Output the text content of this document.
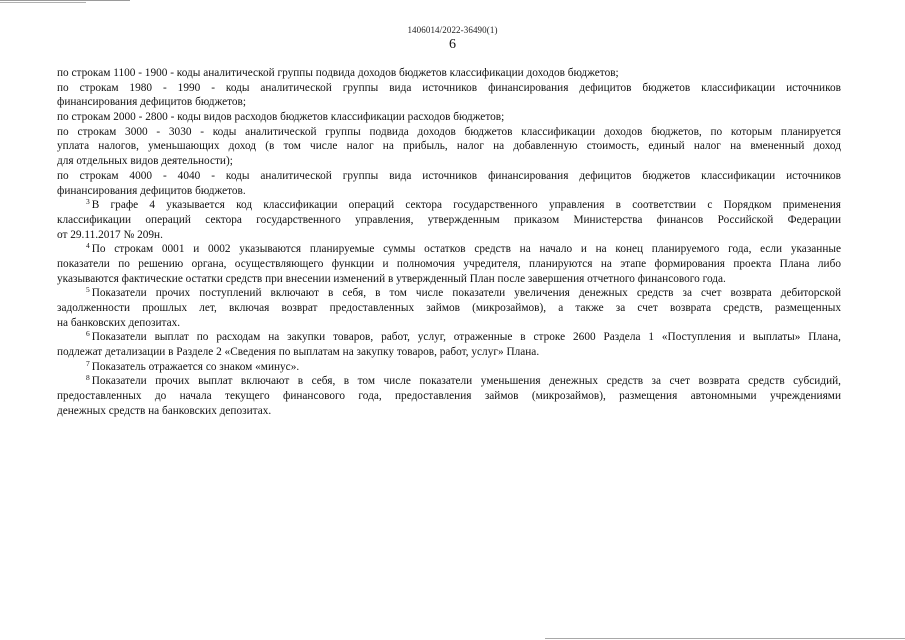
1406014/2022-36490(1)
6
по строкам 1100 - 1900 - коды аналитической группы подвида доходов бюджетов классификации доходов бюджетов;
по строкам 1980 - 1990 - коды аналитической группы вида источников финансирования дефицитов бюджетов классификации источников
финансирования дефицитов бюджетов;
по строкам 2000 - 2800 - коды видов расходов бюджетов классификации расходов бюджетов;
по строкам 3000 - 3030 - коды аналитической группы подвида доходов бюджетов классификации доходов бюджетов, по которым планируется
уплата налогов, уменьшающих доход (в том числе налог на прибыль, налог на добавленную стоимость, единый налог на вмененный доход
для отдельных видов деятельности);
по строкам 4000 - 4040 - коды аналитической группы вида источников финансирования дефицитов бюджетов классификации источников
финансирования дефицитов бюджетов.
$^3$ В графе 4 указывается код классификации операций сектора государственного управления в соответствии с Порядком применения
классификации операций сектора государственного управления, утвержденным приказом Министерства финансов Российской Федерации
от 29.11.2017 № 209н.
$^4$ По строкам 0001 и 0002 указываются планируемые суммы остатков средств на начало и на конец планируемого года, если указанные
показатели по решению органа, осуществляющего функции и полномочия учредителя, планируются на этапе формирования проекта Плана либо
указываются фактические остатки средств при внесении изменений в утвержденный План после завершения отчетного финансового года.
$^5$ Показатели прочих поступлений включают в себя, в том числе показатели увеличения денежных средств за счет возврата дебиторской
задолженности прошлых лет, включая возврат предоставленных займов (микрозаймов), а также за счет возврата средств, размещенных
на банковских депозитах.
$^6$ Показатели выплат по расходам на закупки товаров, работ, услуг, отраженные в строке 2600 Раздела 1 «Поступления и выплаты» Плана,
подлежат детализации в Разделе 2 «Сведения по выплатам на закупку товаров, работ, услуг» Плана.
$^7$ Показатель отражается со знаком «минус».
$^8$ Показатели прочих выплат включают в себя, в том числе показатели уменьшения денежных средств за счет возврата средств субсидий,
предоставленных до начала текущего финансового года, предоставления займов (микрозаймов), размещения автономными учреждениями
денежных средств на банковских депозитах.
